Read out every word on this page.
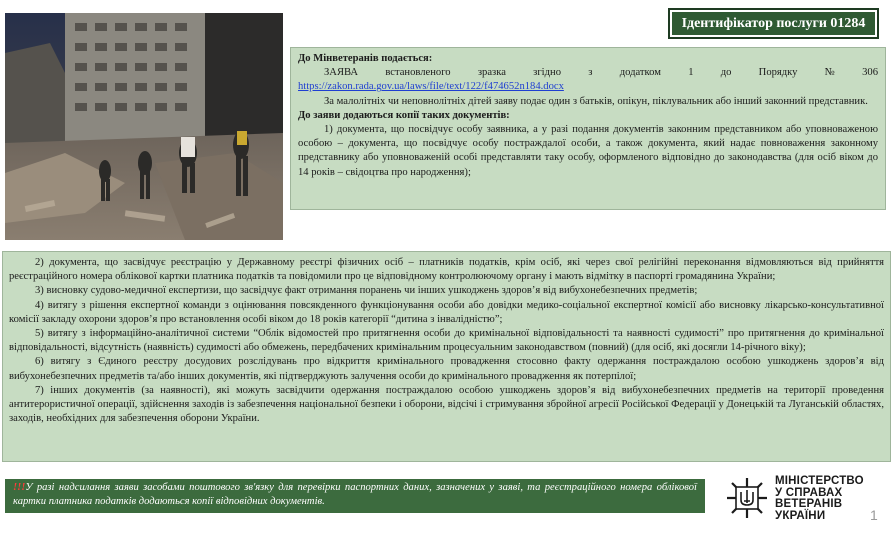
Ідентифікатор послуги 01284

До Мінветеранів подається:

ЗАЯВА	встановленого	зразка	згідно	з	додатком	1	до	Порядку	№	306

https://zakon.rada.gov.ua/laws/file/text/122/f474652n184.docx

За малолітніх чи неповнолітніх дітей заяву подає один з батьків, опікун, піклувальник або інший законний представник.

До заяви додаються копії таких документів:

1) документа, що посвідчує особу заявника, а у разі подання документів законним представником або уповноваженою особою – документа, що посвідчує особу постраждалої особи, а також документа, який надає повноваження законному представнику або уповноваженій особі представляти таку особу, оформленого відповідно до законодавства (для осіб віком до 14 років – свідоцтва про народження);

2) документа, що засвідчує реєстрацію у Державному реєстрі фізичних осіб – платників податків, крім осіб, які через свої релігійні переконання відмовляються від прийняття реєстраційного номера облікової картки платника податків та повідомили про це відповідному контролюючому органу і мають відмітку в паспорті громадянина України;

3) висновку судово-медичної експертизи, що засвідчує факт отримання поранень чи інших ушкоджень здоров’я від вибухонебезпечних предметів;

4) витягу з рішення експертної команди з оцінювання повсякденного функціонування особи або довідки медико-соціальної експертної комісії або висновку лікарсько-консультативної комісії закладу охорони здоров’я про встановлення особі віком до 18 років категорії “дитина з інвалідністю”;

5) витягу з інформаційно-аналітичної системи “Облік відомостей про притягнення особи до кримінальної відповідальності та наявності судимості” про притягнення до кримінальної відповідальності, відсутність (наявність) судимості або обмежень, передбачених кримінальним процесуальним законодавством (повний) (для осіб, які досягли 14-річного віку);

6) витягу з Єдиного реєстру досудових розслідувань про відкриття кримінального провадження стосовно факту одержання постраждалою особою ушкоджень здоров’я від вибухонебезпечних предметів та/або інших документів, які підтверджують залучення особи до кримінального провадження як потерпілої;

7) інших документів (за наявності), які можуть засвідчити одержання постраждалою особою ушкоджень здоров’я від вибухонебезпечних предметів на території проведення антитерористичної операції, здійснення заходів із забезпечення національної безпеки і оборони, відсічі і стримування збройної агресії Російської Федерації у Донецькій та Луганській областях, заходів, необхідних для забезпечення оборони України.

!!!У разі надсилання заяви засобами поштового зв'язку для перевірки паспортних даних, зазначених у заяві, та реєстраційного номера облікової картки платника податків додаються копії відповідних документів.
МІНІСТЕРСТВО
У СПРАВАХ
ВЕТЕРАНІВ
УКРАЇНИ	1
